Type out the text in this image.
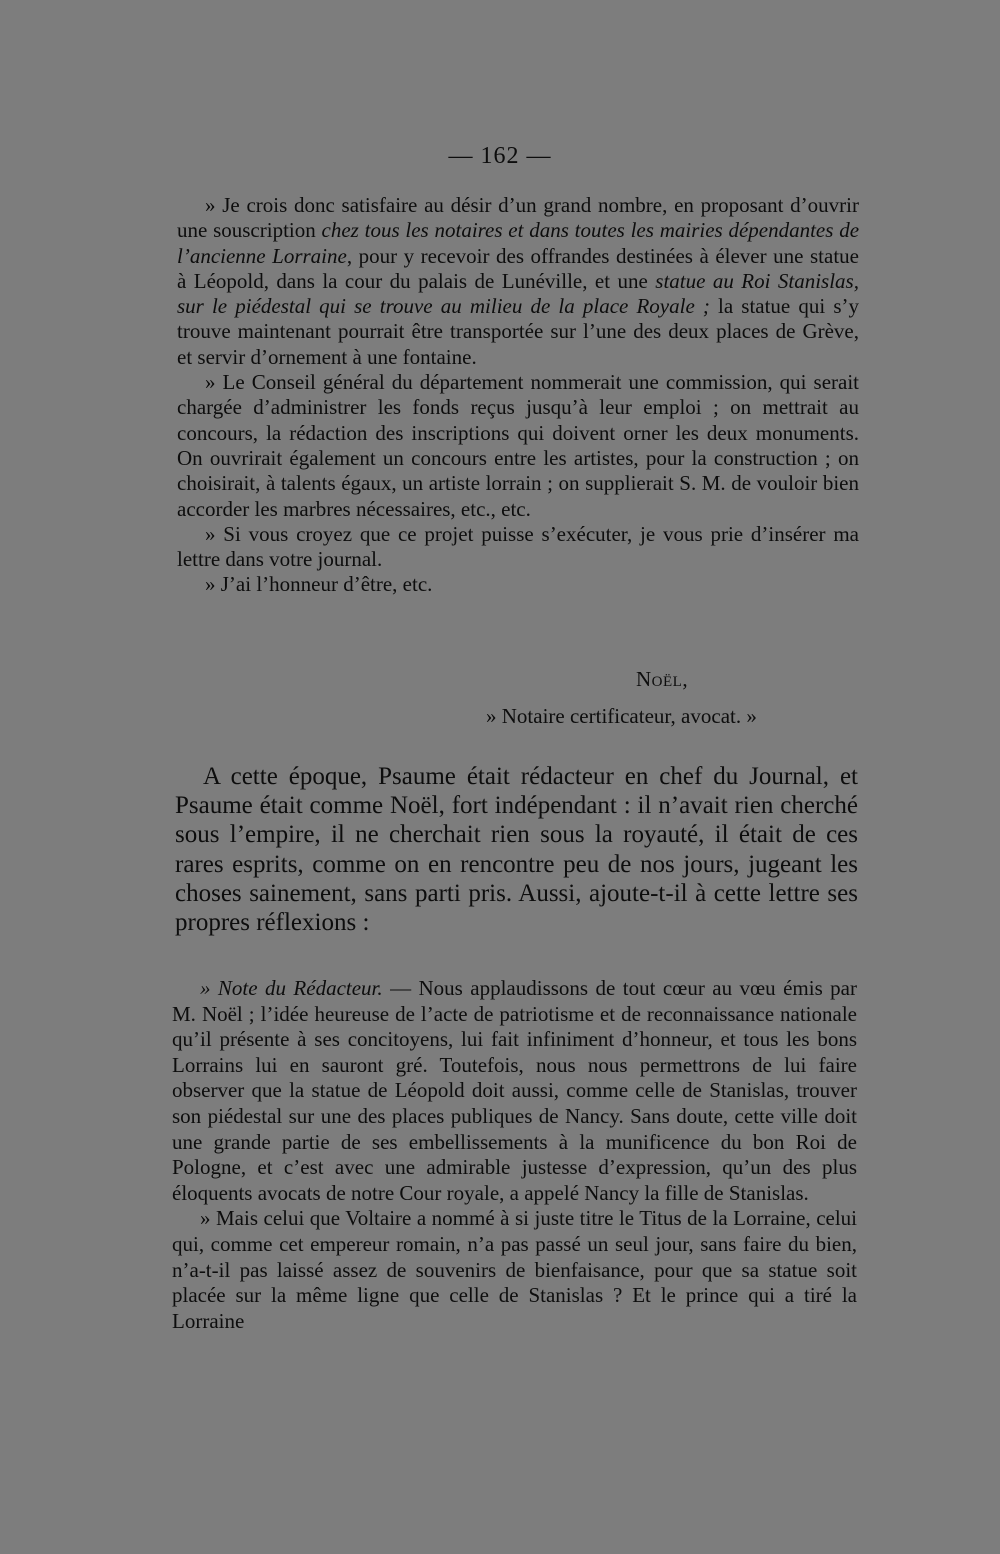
— 162 —

» Je crois donc satisfaire au désir d’un grand nombre, en proposant d’ouvrir une souscription chez tous les notaires et dans toutes les mairies dépendantes de l’ancienne Lorraine, pour y recevoir des offrandes destinées à élever une statue à Léopold, dans la cour du palais de Lunéville, et une statue au Roi Stanislas, sur le piédestal qui se trouve au milieu de la place Royale ; la statue qui s’y trouve maintenant pourrait être transportée sur l’une des deux places de Grève, et servir d’ornement à une fontaine.

» Le Conseil général du département nommerait une commission, qui serait chargée d’administrer les fonds reçus jusqu’à leur emploi ; on mettrait au concours, la rédaction des inscriptions qui doivent orner les deux monuments. On ouvrirait également un concours entre les artistes, pour la construction ; on choisirait, à talents égaux, un artiste lorrain ; on supplierait S. M. de vouloir bien accorder les marbres nécessaires, etc., etc.

» Si vous croyez que ce projet puisse s’exécuter, je vous prie d’insérer ma lettre dans votre journal.

» J’ai l’honneur d’être, etc.

Noël,
» Notaire certificateur, avocat. »

A cette époque, Psaume était rédacteur en chef du Journal, et Psaume était comme Noël, fort indépendant : il n’avait rien cherché sous l’empire, il ne cherchait rien sous la royauté, il était de ces rares esprits, comme on en rencontre peu de nos jours, jugeant les choses sainement, sans parti pris. Aussi, ajoute-t-il à cette lettre ses propres réflexions :

» Note du Rédacteur. — Nous applaudissons de tout cœur au vœu émis par M. Noël ; l’idée heureuse de l’acte de patriotisme et de reconnaissance nationale qu’il présente à ses concitoyens, lui fait infiniment d’honneur, et tous les bons Lorrains lui en sauront gré. Toutefois, nous nous permettrons de lui faire observer que la statue de Léopold doit aussi, comme celle de Stanislas, trouver son piédestal sur une des places publiques de Nancy. Sans doute, cette ville doit une grande partie de ses embellissements à la munificence du bon Roi de Pologne, et c’est avec une admirable justesse d’expression, qu’un des plus éloquents avocats de notre Cour royale, a appelé Nancy la fille de Stanislas.

» Mais celui que Voltaire a nommé à si juste titre le Titus de la Lorraine, celui qui, comme cet empereur romain, n’a pas passé un seul jour, sans faire du bien, n’a-t-il pas laissé assez de souvenirs de bienfaisance, pour que sa statue soit placée sur la même ligne que celle de Stanislas ? Et le prince qui a tiré la Lorraine
